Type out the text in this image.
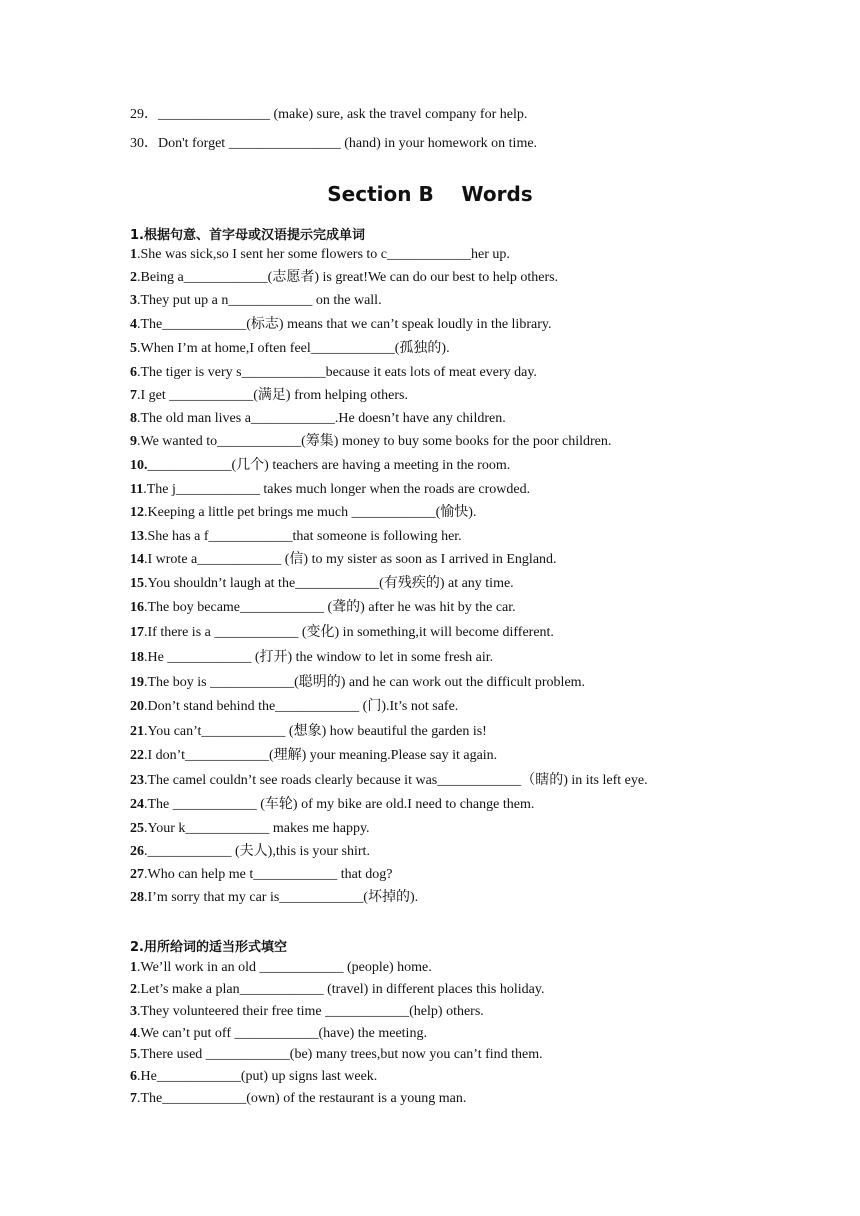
29．________________ (make) sure, ask the travel company for help.
30．Don't forget ________________ (hand) in your homework on time.
Section B    Words
1.根据句意、首字母或汉语提示完成单词
1.She was sick,so I sent her some flowers to c____________her up.
2.Being a____________(志愿者) is great!We can do our best to help others.
3.They put up a n____________ on the wall.
4.The____________(标志) means that we can’t speak loudly in the library.
5.When I’m at home,I often feel____________(孤独的).
6.The tiger is very s____________because it eats lots of meat every day.
7.I get ____________(满足) from helping others.
8.The old man lives a____________.He doesn’t have any children.
9.We wanted to____________(筹集) money to buy some books for the poor children.
10.____________(几个) teachers are having a meeting in the room.
11.The j____________ takes much longer when the roads are crowded.
12.Keeping a little pet brings me much ____________(愉快).
13.She has a f____________that someone is following her.
14.I wrote a____________ (信) to my sister as soon as I arrived in England.
15.You shouldn’t laugh at the____________(有残疾的) at any time.
16.The boy became____________ (聋的) after he was hit by the car.
17.If there is a ____________ (变化) in something,it will become different.
18.He ____________ (打开) the window to let in some fresh air.
19.The boy is ____________(聪明的) and he can work out the difficult problem.
20.Don’t stand behind the____________ (门).It’s not safe.
21.You can’t____________ (想象) how beautiful the garden is!
22.I don’t____________(理解) your meaning.Please say it again.
23.The camel couldn’t see roads clearly because it was____________（瞎的) in its left eye.
24.The ____________ (车轮) of my bike are old.I need to change them.
25.Your k____________ makes me happy.
26.____________ (夫人),this is your shirt.
27.Who can help me t____________ that dog?
28.I’m sorry that my car is____________(坏掉的).
2.用所给词的适当形式填空
1.We’ll work in an old ____________ (people) home.
2.Let’s make a plan____________ (travel) in different places this holiday.
3.They volunteered their free time ____________(help) others.
4.We can’t put off ____________(have) the meeting.
5.There used ____________(be) many trees,but now you can’t find them.
6.He____________(put) up signs last week.
7.The____________(own) of the restaurant is a young man.
